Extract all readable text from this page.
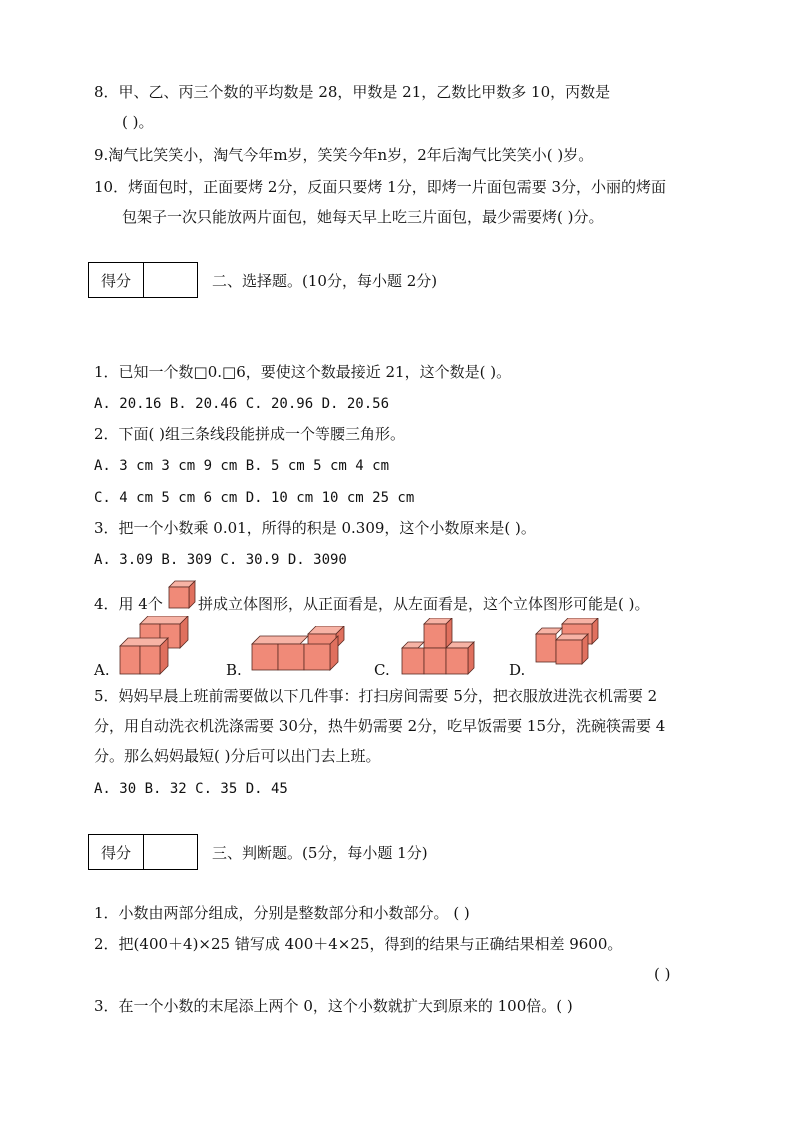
8．甲、乙、丙三个数的平均数是 28，甲数是 21，乙数比甲数多 10，丙数是
( )。
9.淘气比笑笑小，淘气今年m岁，笑笑今年n岁，2年后淘气比笑笑小( )岁。
10．烤面包时，正面要烤 2分，反面只要烤 1分，即烤一片面包需要 3分，小丽的烤面
包架子一次只能放两片面包，她每天早上吃三片面包，最少需要烤( )分。
得分	二、选择题。(10分，每小题 2分)
1．已知一个数□0.□6，要使这个数最接近 21，这个数是( )。
A. 20.16 B. 20.46 C. 20.96 D. 20.56
2．下面( )组三条线段能拼成一个等腰三角形。
A. 3 cm 3 cm 9 cm B. 5 cm 5 cm 4 cm
C. 4 cm 5 cm 6 cm D. 10 cm 10 cm 25 cm
3．把一个小数乘 0.01，所得的积是 0.309，这个小数原来是( )。
A. 3.09 B. 309 C. 30.9 D. 3090
4．用 4个 拼成立体图形，从正面看是，从左面看是，这个立体图形可能是( )。
A.	B.	C.	D.
5．妈妈早晨上班前需要做以下几件事：打扫房间需要 5分，把衣服放进洗衣机需要 2
分，用自动洗衣机洗涤需要 30分，热牛奶需要 2分，吃早饭需要 15分，洗碗筷需要 4
分。那么妈妈最短( )分后可以出门去上班。
A. 30 B. 32 C. 35 D. 45
得分	三、判断题。(5分，每小题 1分)
1．小数由两部分组成，分别是整数部分和小数部分。 ( )
2．把(400＋4)×25 错写成 400＋4×25，得到的结果与正确结果相差 9600。
( )
3．在一个小数的末尾添上两个 0，这个小数就扩大到原来的 100倍。( )
